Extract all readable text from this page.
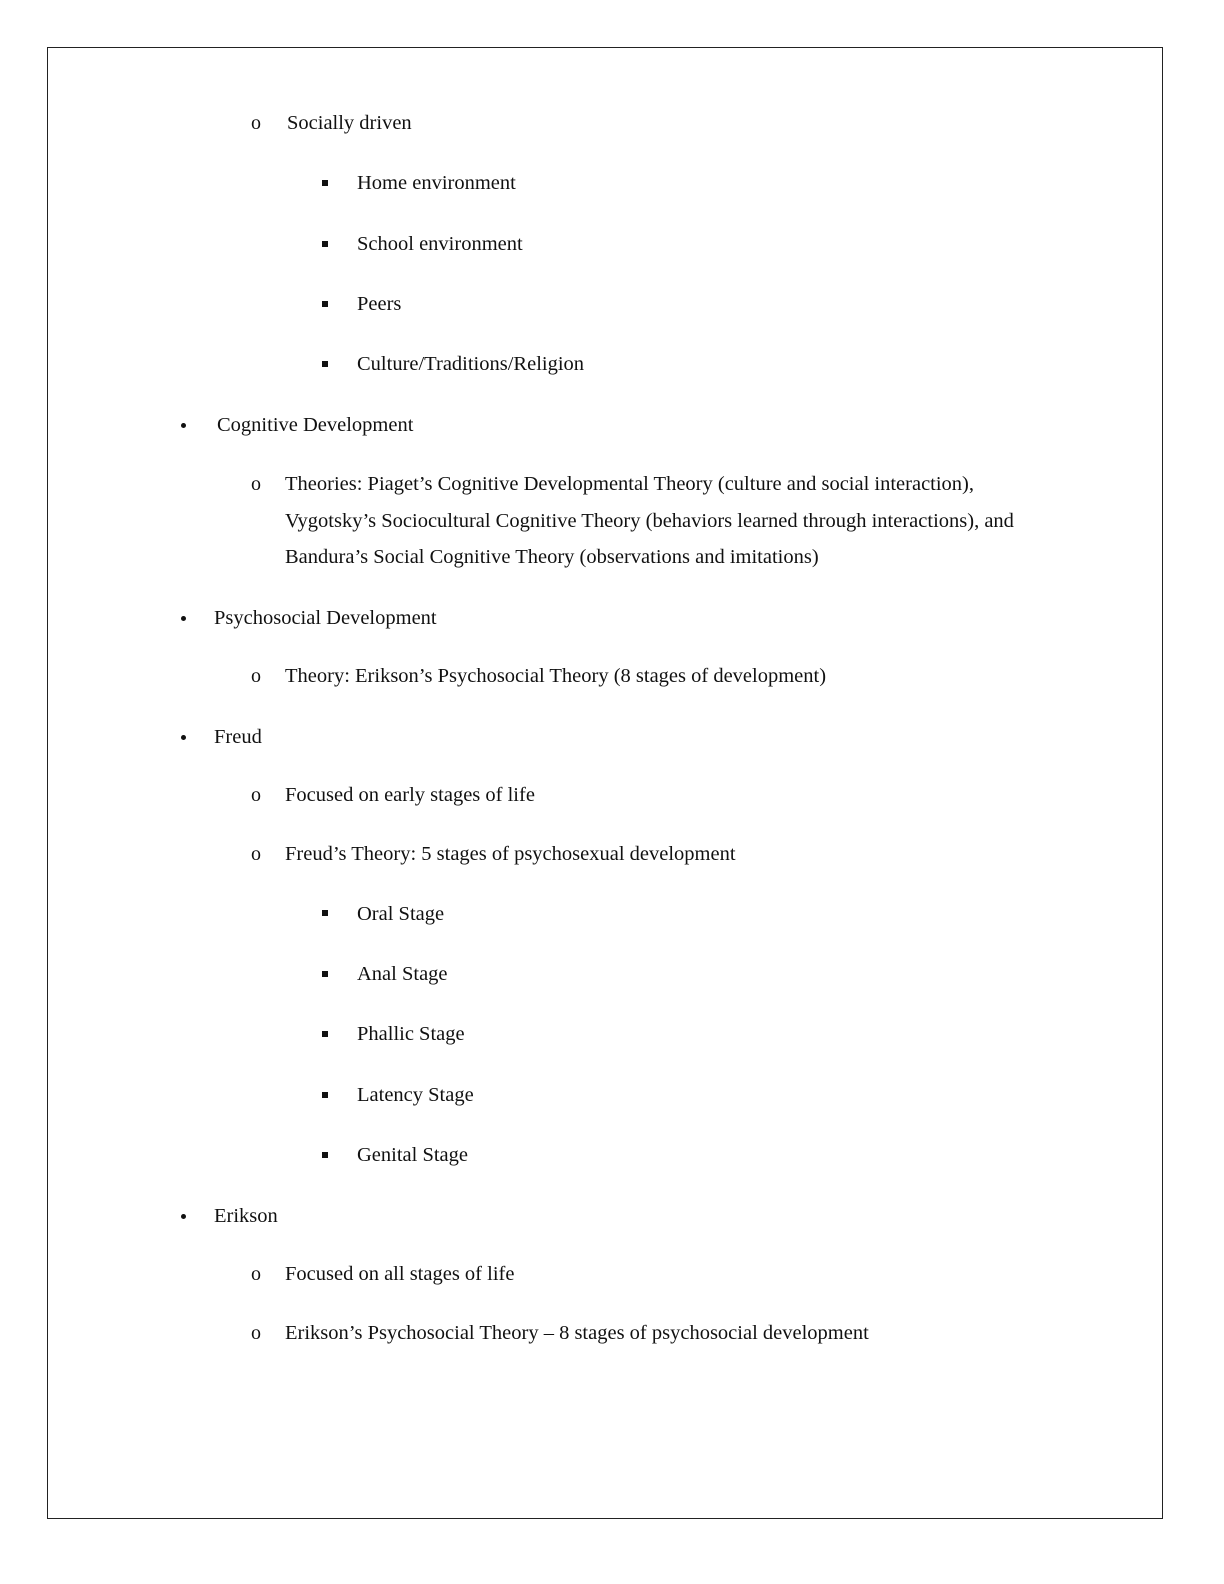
o Socially driven
Home environment
School environment
Peers
Culture/Traditions/Religion
Cognitive Development
o Theories: Piaget’s Cognitive Developmental Theory (culture and social interaction),
Vygotsky’s Sociocultural Cognitive Theory (behaviors learned through interactions), and
Bandura’s Social Cognitive Theory (observations and imitations)
Psychosocial Development
o Theory: Erikson’s Psychosocial Theory (8 stages of development)
Freud
o Focused on early stages of life
o Freud’s Theory: 5 stages of psychosexual development
Oral Stage
Anal Stage
Phallic Stage
Latency Stage
Genital Stage
Erikson
o Focused on all stages of life
o Erikson’s Psychosocial Theory – 8 stages of psychosocial development
